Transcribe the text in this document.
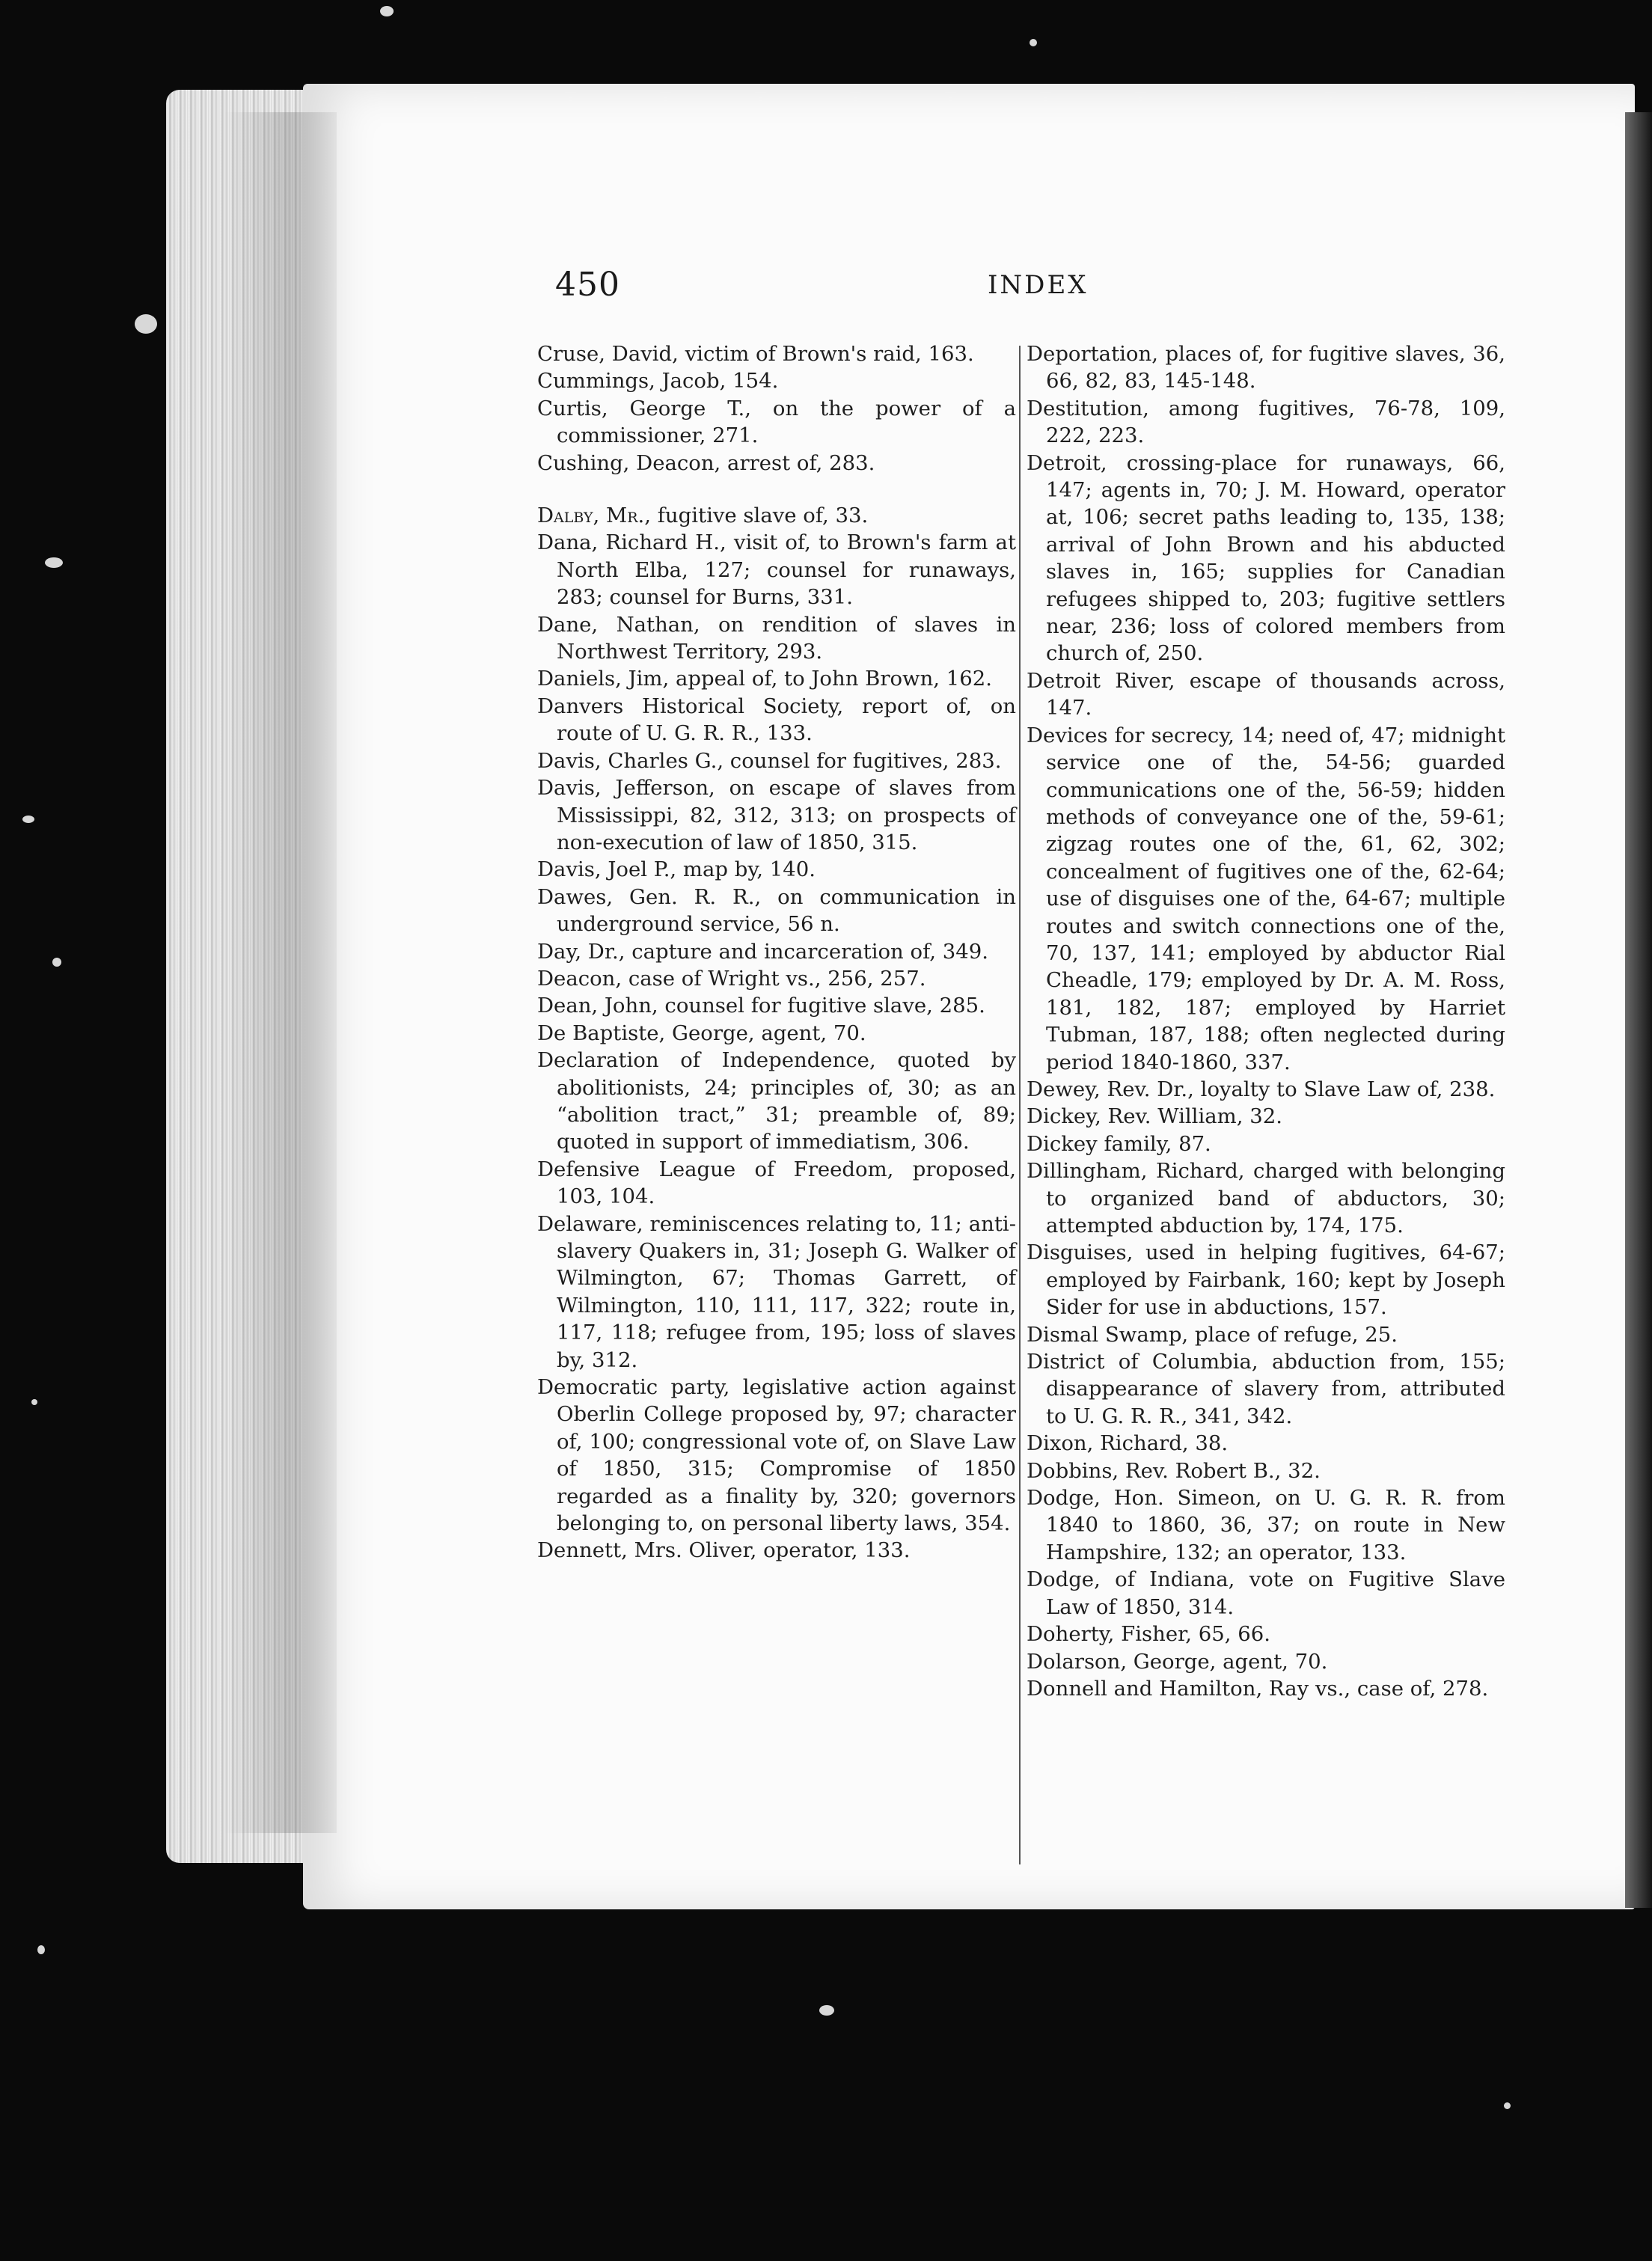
450	INDEX

Cruse, David, victim of Brown's raid, 163.

Cummings, Jacob, 154.

Curtis, George T., on the power of a commissioner, 271.

Cushing, Deacon, arrest of, 283.

Dalby, Mr., fugitive slave of, 33.

Dana, Richard H., visit of, to Brown's farm at North Elba, 127; counsel for runaways, 283; counsel for Burns, 331.

Dane, Nathan, on rendition of slaves in Northwest Territory, 293.

Daniels, Jim, appeal of, to John Brown, 162.

Danvers Historical Society, report of, on route of U. G. R. R., 133.

Davis, Charles G., counsel for fugitives, 283.

Davis, Jefferson, on escape of slaves from Mississippi, 82, 312, 313; on prospects of non-execution of law of 1850, 315.

Davis, Joel P., map by, 140.

Dawes, Gen. R. R., on communication in underground service, 56 n.

Day, Dr., capture and incarceration of, 349.

Deacon, case of Wright vs., 256, 257.

Dean, John, counsel for fugitive slave, 285.

De Baptiste, George, agent, 70.

Declaration of Independence, quoted by abolitionists, 24; principles of, 30; as an “abolition tract,” 31; preamble of, 89; quoted in support of immediatism, 306.

Defensive League of Freedom, proposed, 103, 104.

Delaware, reminiscences relating to, 11; anti-slavery Quakers in, 31; Joseph G. Walker of Wilmington, 67; Thomas Garrett, of Wilmington, 110, 111, 117, 322; route in, 117, 118; refugee from, 195; loss of slaves by, 312.

Democratic party, legislative action against Oberlin College proposed by, 97; character of, 100; congressional vote of, on Slave Law of 1850, 315; Compromise of 1850 regarded as a finality by, 320; governors belonging to, on personal liberty laws, 354.

Dennett, Mrs. Oliver, operator, 133.

Deportation, places of, for fugitive slaves, 36, 66, 82, 83, 145-148.

Destitution, among fugitives, 76-78, 109, 222, 223.

Detroit, crossing-place for runaways, 66, 147; agents in, 70; J. M. Howard, operator at, 106; secret paths leading to, 135, 138; arrival of John Brown and his abducted slaves in, 165; supplies for Canadian refugees shipped to, 203; fugitive settlers near, 236; loss of colored members from church of, 250.

Detroit River, escape of thousands across, 147.

Devices for secrecy, 14; need of, 47; midnight service one of the, 54-56; guarded communications one of the, 56-59; hidden methods of conveyance one of the, 59-61; zigzag routes one of the, 61, 62, 302; concealment of fugitives one of the, 62-64; use of disguises one of the, 64-67; multiple routes and switch connections one of the, 70, 137, 141; employed by abductor Rial Cheadle, 179; employed by Dr. A. M. Ross, 181, 182, 187; employed by Harriet Tubman, 187, 188; often neglected during period 1840-1860, 337.

Dewey, Rev. Dr., loyalty to Slave Law of, 238.

Dickey, Rev. William, 32.

Dickey family, 87.

Dillingham, Richard, charged with belonging to organized band of abductors, 30; attempted abduction by, 174, 175.

Disguises, used in helping fugitives, 64-67; employed by Fairbank, 160; kept by Joseph Sider for use in abductions, 157.

Dismal Swamp, place of refuge, 25.

District of Columbia, abduction from, 155; disappearance of slavery from, attributed to U. G. R. R., 341, 342.

Dixon, Richard, 38.

Dobbins, Rev. Robert B., 32.

Dodge, Hon. Simeon, on U. G. R. R. from 1840 to 1860, 36, 37; on route in New Hampshire, 132; an operator, 133.

Dodge, of Indiana, vote on Fugitive Slave Law of 1850, 314.

Doherty, Fisher, 65, 66.

Dolarson, George, agent, 70.

Donnell and Hamilton, Ray vs., case of, 278.
